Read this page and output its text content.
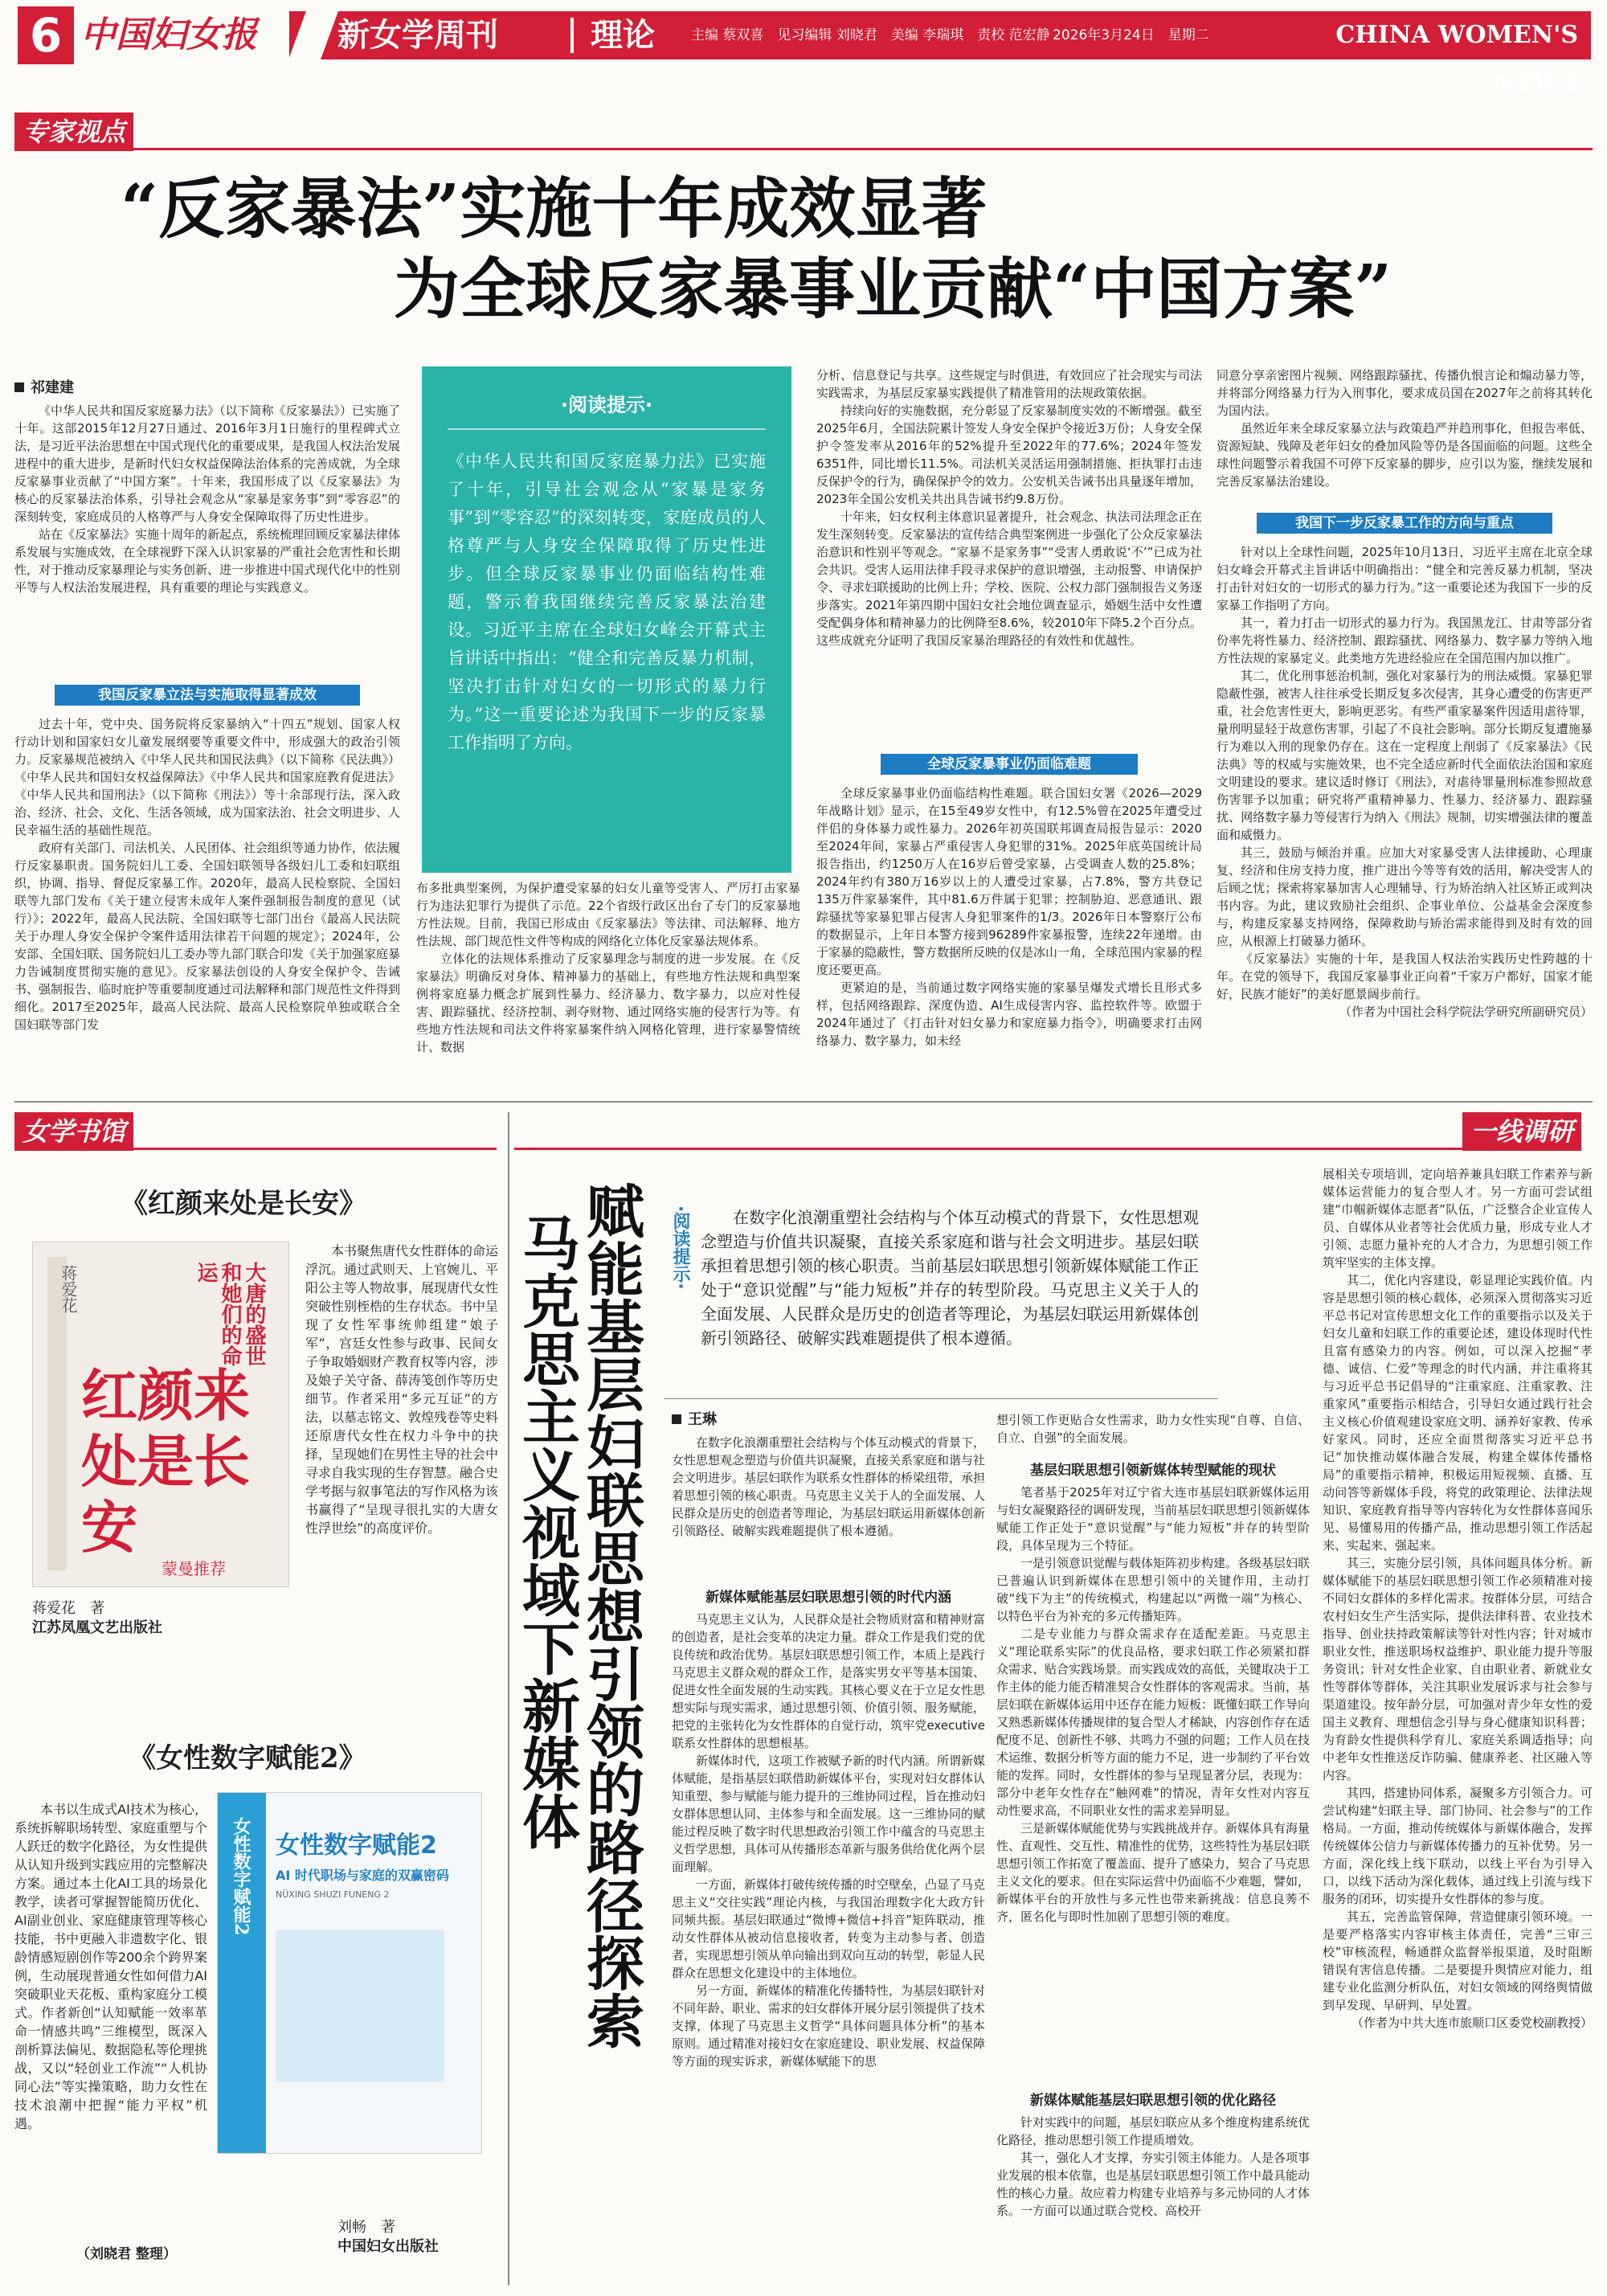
6 中国妇女报	新女学周刊	理论	主编 蔡双喜　见习编辑 刘晓君　美编 李瑞琪　责校 范宏静 2026年3月24日　星期二	CHINA WOMEN'S NEWS
专家视点
“反家暴法”实施十年成效显著
为全球反家暴事业贡献“中国方案”
祁建建

《中华人民共和国反家庭暴力法》（以下简称《反家暴法》）已实施了十年。这部2015年12月27日通过、2016年3月1日施行的里程碑式立法，是习近平法治思想在中国式现代化的重要成果，是我国人权法治发展进程中的重大进步，是新时代妇女权益保障法治体系的完善成就，为全球反家暴事业贡献了“中国方案”。十年来，我国形成了以《反家暴法》为核心的反家暴法治体系，引导社会观念从“家暴是家务事”到“零容忍”的深刻转变，家庭成员的人格尊严与人身安全保障取得了历史性进步。

站在《反家暴法》实施十周年的新起点，系统梳理回顾反家暴法律体系发展与实施成效，在全球视野下深入认识家暴的严重社会危害性和长期性，对于推动反家暴理论与实务创新、进一步推进中国式现代化中的性别平等与人权法治发展进程，具有重要的理论与实践意义。

我国反家暴立法与实施取得显著成效

过去十年，党中央、国务院将反家暴纳入“十四五”规划、国家人权行动计划和国家妇女儿童发展纲要等重要文件中，形成强大的政治引领力。反家暴规范被纳入《中华人民共和国民法典》（以下简称《民法典》）《中华人民共和国妇女权益保障法》《中华人民共和国家庭教育促进法》《中华人民共和国刑法》（以下简称《刑法》）等十余部现行法，深入政治、经济、社会、文化、生活各领域，成为国家法治、社会文明进步、人民幸福生活的基础性规范。

政府有关部门、司法机关、人民团体、社会组织等通力协作，依法履行反家暴职责。国务院妇儿工委、全国妇联领导各级妇儿工委和妇联组织，协调、指导、督促反家暴工作。2020年，最高人民检察院、全国妇联等九部门发布《关于建立侵害未成年人案件强制报告制度的意见（试行）》；2022年，最高人民法院、全国妇联等七部门出台《最高人民法院关于办理人身安全保护令案件适用法律若干问题的规定》；2024年，公安部、全国妇联、国务院妇儿工委办等九部门联合印发《关于加强家庭暴力告诫制度贯彻实施的意见》。反家暴法创设的人身安全保护令、告诫书、强制报告、临时庇护等重要制度通过司法解释和部门规范性文件得到细化。2017至2025年，最高人民法院、最高人民检察院单独或联合全国妇联等部门发

·阅读提示·
《中华人民共和国反家庭暴力法》已实施了十年，引导社会观念从“家暴是家务事”到“零容忍”的深刻转变，家庭成员的人格尊严与人身安全保障取得了历史性进步。但全球反家暴事业仍面临结构性难题，警示着我国继续完善反家暴法治建设。习近平主席在全球妇女峰会开幕式主旨讲话中指出：“健全和完善反暴力机制，坚决打击针对妇女的一切形式的暴力行为。”这一重要论述为我国下一步的反家暴工作指明了方向。

布多批典型案例，为保护遭受家暴的妇女儿童等受害人、严厉打击家暴行为违法犯罪行为提供了示范。22个省级行政区出台了专门的反家暴地方性法规。目前，我国已形成由《反家暴法》等法律、司法解释、地方性法规、部门规范性文件等构成的网络化立体化反家暴法规体系。

立体化的法规体系推动了反家暴理念与制度的进一步发展。在《反家暴法》明确反对身体、精神暴力的基础上，有些地方性法规和典型案例将家庭暴力概念扩展到性暴力、经济暴力、数字暴力，以应对性侵害、跟踪骚扰、经济控制、剥夺财物、通过网络实施的侵害行为等。有些地方性法规和司法文件将家暴案件纳入网格化管理，进行家暴警情统计、数据

分析、信息登记与共享。这些规定与时俱进，有效回应了社会现实与司法实践需求，为基层反家暴实践提供了精准管用的法规政策依据。

持续向好的实施数据，充分彰显了反家暴制度实效的不断增强。截至2025年6月，全国法院累计签发人身安全保护令接近3万份；人身安全保护令签发率从2016年的52%提升至2022年的77.6%；2024年签发6351件，同比增长11.5%。司法机关灵活运用强制措施、拒执罪打击违反保护令的行为，确保保护令的效力。公安机关告诫书出具量逐年增加，2023年全国公安机关共出具告诫书约9.8万份。

十年来，妇女权利主体意识显著提升，社会观念、执法司法理念正在发生深刻转变。反家暴法的宣传结合典型案例进一步强化了公众反家暴法治意识和性别平等观念。“家暴不是家务事”“受害人勇敢说‘不’”已成为社会共识。受害人运用法律手段寻求保护的意识增强，主动报警、申请保护令、寻求妇联援助的比例上升；学校、医院、公权力部门强制报告义务逐步落实。2021年第四期中国妇女社会地位调查显示，婚姻生活中女性遭受配偶身体和精神暴力的比例降至8.6%，较2010年下降5.2个百分点。这些成就充分证明了我国反家暴治理路径的有效性和优越性。

全球反家暴事业仍面临难题

全球反家暴事业仍面临结构性难题。联合国妇女署《2026—2029年战略计划》显示，在15至49岁女性中，有12.5%曾在2025年遭受过伴侣的身体暴力或性暴力。2026年初英国联邦调查局报告显示：2020至2024年间，家暴占严重侵害人身犯罪的31%。2025年底英国统计局报告指出，约1250万人在16岁后曾受家暴，占受调查人数的25.8%；2024年约有380万16岁以上的人遭受过家暴，占7.8%，警方共登记135万件家暴案件，其中81.6万件属于犯罪；控制胁迫、恶意通讯、跟踪骚扰等家暴犯罪占侵害人身犯罪案件的1/3。2026年日本警察厅公布的数据显示，上年日本警方接到96289件家暴报警，连续22年递增。由于家暴的隐蔽性，警方数据所反映的仅是冰山一角，全球范围内家暴的程度还要更高。

更紧迫的是，当前通过数字网络实施的家暴呈爆发式增长且形式多样，包括网络跟踪、深度伪造、AI生成侵害内容、监控软件等。欧盟于2024年通过了《打击针对妇女暴力和家庭暴力指令》，明确要求打击网络暴力、数字暴力，如未经

同意分享亲密图片视频、网络跟踪骚扰、传播仇恨言论和煽动暴力等，并将部分网络暴力行为入刑事化，要求成员国在2027年之前将其转化为国内法。

虽然近年来全球反家暴立法与政策趋严并趋刑事化，但报告率低、资源短缺、残障及老年妇女的叠加风险等仍是各国面临的问题。这些全球性问题警示着我国不可停下反家暴的脚步，应引以为鉴，继续发展和完善反家暴法治建设。

我国下一步反家暴工作的方向与重点

针对以上全球性问题，2025年10月13日，习近平主席在北京全球妇女峰会开幕式主旨讲话中明确指出：“健全和完善反暴力机制，坚决打击针对妇女的一切形式的暴力行为。”这一重要论述为我国下一步的反家暴工作指明了方向。

其一，着力打击一切形式的暴力行为。我国黑龙江、甘肃等部分省份率先将性暴力、经济控制、跟踪骚扰、网络暴力、数字暴力等纳入地方性法规的家暴定义。此类地方先进经验应在全国范围内加以推广。

其二，优化刑事惩治机制，强化对家暴行为的刑法威慑。家暴犯罪隐蔽性强，被害人往往承受长期反复多次侵害，其身心遭受的伤害更严重，社会危害性更大，影响更恶劣。有些严重家暴案件因适用虐待罪，量刑明显轻于故意伤害罪，引起了不良社会影响。部分长期反复遭施暴行为难以入刑的现象仍存在。这在一定程度上削弱了《反家暴法》《民法典》等的权威与实施效果，也不完全适应新时代全面依法治国和家庭文明建设的要求。建议适时修订《刑法》，对虐待罪量刑标准参照故意伤害罪予以加重；研究将严重精神暴力、性暴力、经济暴力、跟踪骚扰、网络数字暴力等侵害行为纳入《刑法》规制，切实增强法律的覆盖面和威慑力。

其三，鼓励与倾治并重。应加大对家暴受害人法律援助、心理康复、经济和住房支持力度，推广进出今等等有效的活用，解决受害人的后顾之忧；探索将家暴加害人心理辅导、行为矫治纳入社区矫正或判决书内容。为此，建议致励社会组织、企事业单位、公益基金会深度参与，构建反家暴支持网络，保障救助与矫治需求能得到及时有效的回应，从根源上打破暴力循环。

《反家暴法》实施的十年，是我国人权法治实践历史性跨越的十年。在党的领导下，我国反家暴事业正向着“千家万户都好，国家才能好，民族才能好”的美好愿景阔步前行。

（作者为中国社会科学院法学研究所副研究员）

女学书馆
《红颜来处是长安》
大唐的盛世和她们的命运
红颜来处是长安
蒋爱花
蒙曼推荐
蒋爱花　著
江苏凤凰文艺出版社

本书聚焦唐代女性群体的命运浮沉。通过武则天、上官婉儿、平阳公主等人物故事，展现唐代女性突破性别桎梏的生存状态。书中呈现了女性军事统帅组建“娘子军”，宫廷女性参与政事、民间女子争取婚姻财产教育权等内容，涉及娘子关守备、薛涛笺创作等历史细节。作者采用“多元互证”的方法，以墓志铭文、敦煌残卷等史料还原唐代女性在权力斗争中的抉择，呈现她们在男性主导的社会中寻求自我实现的生存智慧。融合史学考据与叙事笔法的写作风格为该书赢得了“呈现寻很扎实的大唐女性浮世绘”的高度评价。

《女性数字赋能2》

本书以生成式AI技术为核心，系统拆解职场转型、家庭重塑与个人跃迁的数字化路径，为女性提供从认知升级到实践应用的完整解决方案。通过本土化AI工具的场景化教学，读者可掌握智能简历优化、AI副业创业、家庭健康管理等核心技能，书中更融入非遗数字化、银龄情感短剧创作等200余个跨界案例，生动展现普通女性如何借力AI突破职业天花板、重构家庭分工模式。作者新创“认知赋能一效率革命一情感共鸣”三维模型，既深入剖析算法偏见、数据隐私等伦理挑战，又以“轻创业工作流”“人机协同心法”等实操策略，助力女性在技术浪潮中把握“能力平权”机遇。

（刘晓君 整理）
女性数字赋能2 女性数字赋能2
AI 时代职场与家庭的双赢密码
NÜXING SHUZI FUNENG 2
刘畅　著
中国妇女出版社
一线调研
赋能基层妇联思想引领的路径探索
马克思主义视域下新媒体	·阅读提示·	在数字化浪潮重塑社会结构与个体互动模式的背景下，女性思想观念塑造与价值共识凝聚，直接关系家庭和谐与社会文明进步。基层妇联承担着思想引领的核心职责。当前基层妇联思想引领新媒体赋能工作正处于“意识觉醒”与“能力短板”并存的转型阶段。马克思主义关于人的全面发展、人民群众是历史的创造者等理论，为基层妇联运用新媒体创新引领路径、破解实践难题提供了根本遵循。

王琳

在数字化浪潮重塑社会结构与个体互动模式的背景下，女性思想观念塑造与价值共识凝聚，直接关系家庭和谐与社会文明进步。基层妇联作为联系女性群体的桥梁纽带，承担着思想引领的核心职责。马克思主义关于人的全面发展、人民群众是历史的创造者等理论，为基层妇联运用新媒体创新引领路径、破解实践难题提供了根本遵循。

新媒体赋能基层妇联思想引领的时代内涵

马克思主义认为，人民群众是社会物质财富和精神财富的创造者，是社会变革的决定力量。群众工作是我们党的优良传统和政治优势。基层妇联思想引领工作，本质上是践行马克思主义群众观的群众工作，是落实男女平等基本国策、促进女性全面发展的生动实践。其核心要义在于立足女性思想实际与现实需求，通过思想引领、价值引领、服务赋能，把党的主张转化为女性群体的自觉行动，筑牢党executive联系女性群体的思想根基。

新媒体时代，这项工作被赋予新的时代内涵。所谓新媒体赋能，是指基层妇联借助新媒体平台，实现对妇女群体认知重塑、参与赋能与能力提升的三维协同过程，旨在推动妇女群体思想认同、主体参与和全面发展。这一三维协同的赋能过程反映了数字时代思想政治引领工作中蕴含的马克思主义哲学思想，具体可从传播形态革新与服务供给优化两个层面理解。

一方面，新媒体打破传统传播的时空壁垒，凸显了马克思主义“交往实践”理论内核，与我国治理数字化大政方针同频共振。基层妇联通过“微博+微信+抖音”矩阵联动，推动女性群体从被动信息接收者，转变为主动参与者、创造者，实现思想引领从单向输出到双向互动的转型，彰显人民群众在思想文化建设中的主体地位。

另一方面，新媒体的精准化传播特性，为基层妇联针对不同年龄、职业、需求的妇女群体开展分层引领提供了技术支撑，体现了马克思主义哲学“具体问题具体分析”的基本原则。通过精准对接妇女在家庭建设、职业发展、权益保障等方面的现实诉求，新媒体赋能下的思

想引领工作更贴合女性需求，助力女性实现“自尊、自信、自立、自强”的全面发展。

基层妇联思想引领新媒体转型赋能的现状

笔者基于2025年对辽宁省大连市基层妇联新媒体运用与妇女凝聚路径的调研发现，当前基层妇联思想引领新媒体赋能工作正处于“意识觉醒”与“能力短板”并存的转型阶段，具体呈现为三个特征。

一是引领意识觉醒与载体矩阵初步构建。各级基层妇联已普遍认识到新媒体在思想引领中的关键作用，主动打破“线下为主”的传统模式，构建起以“两微一端”为核心、以特色平台为补充的多元传播矩阵。

二是专业能力与群众需求存在适配差距。马克思主义“理论联系实际”的优良品格，要求妇联工作必须紧扣群众需求、贴合实践场景。而实践成效的高低，关键取决于工作主体的能力能否精准契合女性群体的客观需求。当前，基层妇联在新媒体运用中还存在能力短板：既懂妇联工作导向又熟悉新媒体传播规律的复合型人才稀缺，内容创作存在适配度不足、创新性不够、共鸣力不强的问题；工作人员在技术运维、数据分析等方面的能力不足，进一步制约了平台效能的发挥。同时，女性群体的参与呈现显著分层，表现为：部分中老年女性存在“触网难”的情况，青年女性对内容互动性要求高，不同职业女性的需求差异明显。

三是新媒体赋能优势与实践挑战并存。新媒体具有海量性、直观性、交互性、精准性的优势，这些特性为基层妇联思想引领工作拓宽了覆盖面、提升了感染力，契合了马克思主义文化的要求。但在实际运营中仍面临不少难题，譬如，新媒体平台的开放性与多元性也带来新挑战：信息良莠不齐，匿名化与即时性加剧了思想引领的难度。

新媒体赋能基层妇联思想引领的优化路径

针对实践中的问题，基层妇联应从多个维度构建系统优化路径，推动思想引领工作提质增效。

其一，强化人才支撑，夯实引领主体能力。人是各项事业发展的根本依靠，也是基层妇联思想引领工作中最具能动性的核心力量。故应着力构建专业培养与多元协同的人才体系。一方面可以通过联合党校、高校开

展相关专项培训，定向培养兼具妇联工作素养与新媒体运营能力的复合型人才。另一方面可尝试组建“巾帼新媒体志愿者”队伍，广泛整合企业宣传人员、自媒体从业者等社会优质力量，形成专业人才引领、志愿力量补充的人才合力，为思想引领工作筑牢坚实的主体支撑。

其二，优化内容建设，彰显理论实践价值。内容是思想引领的核心载体，必须深入贯彻落实习近平总书记对宣传思想文化工作的重要指示以及关于妇女儿童和妇联工作的重要论述，建设体现时代性且富有感染力的内容。例如，可以深入挖掘“孝德、诚信、仁爱”等理念的时代内涵，并注重将其与习近平总书记倡导的“注重家庭、注重家教、注重家风”重要指示相结合，引导妇女通过践行社会主义核心价值观建设家庭文明、涵养好家教、传承好家风。同时，还应全面贯彻落实习近平总书记“加快推动媒体融合发展，构建全媒体传播格局”的重要指示精神，积极运用短视频、直播、互动问答等新媒体手段，将党的政策理论、法律法规知识、家庭教育指导等内容转化为女性群体喜闻乐见、易懂易用的传播产品，推动思想引领工作活起来、实起来、强起来。

其三，实施分层引领，具体问题具体分析。新媒体赋能下的基层妇联思想引领工作必须精准对接不同妇女群体的多样化需求。按群体分层，可结合农村妇女生产生活实际，提供法律科普、农业技术指导、创业扶持政策解读等针对性内容；针对城市职业女性，推送职场权益维护、职业能力提升等服务资讯；针对女性企业家、自由职业者、新就业女性等群体等群体，关注其职业发展诉求与社会参与渠道建设。按年龄分层，可加强对青少年女性的爱国主义教育、理想信念引导与身心健康知识科普；为育龄女性提供科学育儿、家庭关系调适指导；向中老年女性推送反诈防骗、健康养老、社区融入等内容。

其四，搭建协同体系，凝聚多方引领合力。可尝试构建“妇联主导、部门协同、社会参与”的工作格局。一方面，推动传统媒体与新媒体融合，发挥传统媒体公信力与新媒体传播力的互补优势。另一方面，深化线上线下联动，以线上平台为引导入口，以线下活动为深化载体，通过线上引流与线下服务的闭环，切实提升女性群体的参与度。

其五，完善监管保障，营造健康引领环境。一是要严格落实内容审核主体责任，完善“三审三校”审核流程，畅通群众监督举报渠道，及时阻断错误有害信息传播。二是要提升舆情应对能力，组建专业化监测分析队伍，对妇女领域的网络舆情做到早发现、早研判、早处置。

（作者为中共大连市旅顺口区委党校副教授）
